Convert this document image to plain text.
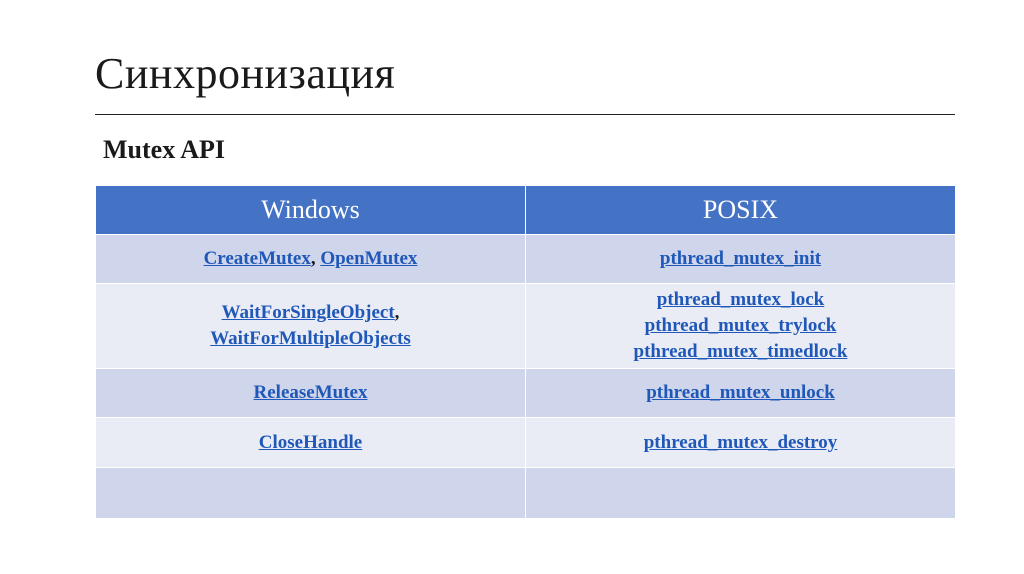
Синхронизация
Mutex API
Windows	POSIX
CreateMutex, OpenMutex	pthread_mutex_init
WaitForSingleObject,
WaitForMultipleObjects	pthread_mutex_lock
pthread_mutex_trylock
pthread_mutex_timedlock
ReleaseMutex	pthread_mutex_unlock
CloseHandle	pthread_mutex_destroy
